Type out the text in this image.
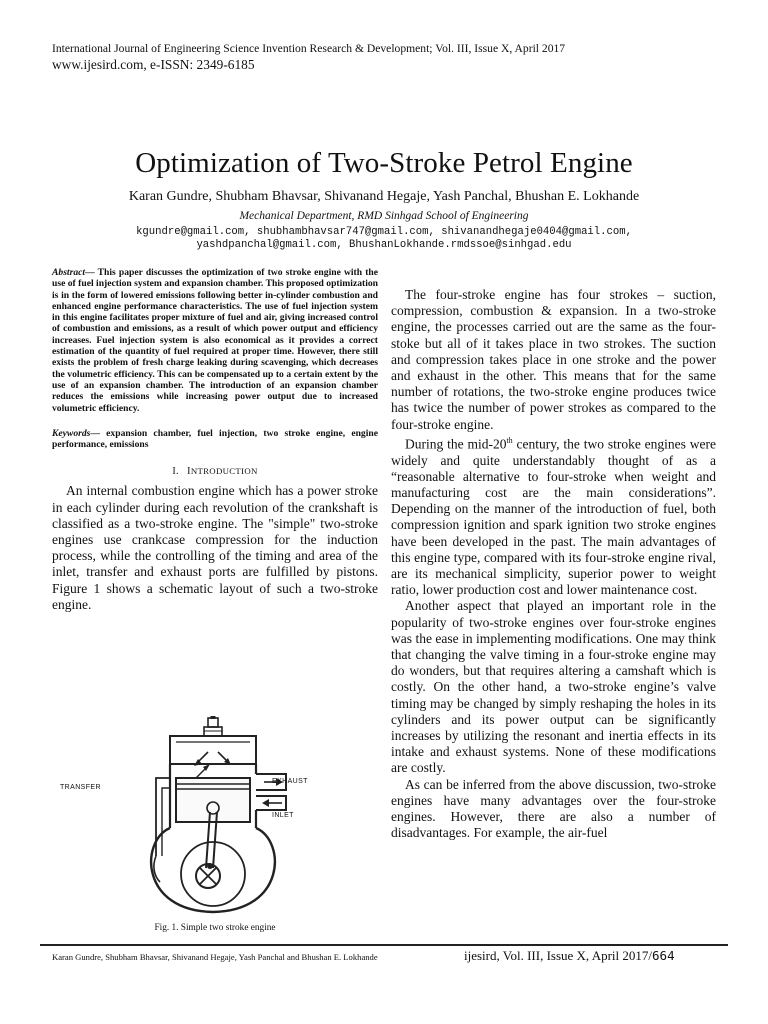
International Journal of Engineering Science Invention Research & Development; Vol. III, Issue X, April 2017
www.ijesird.com, e-ISSN: 2349-6185
Optimization of Two-Stroke Petrol Engine
Karan Gundre, Shubham Bhavsar, Shivanand Hegaje, Yash Panchal, Bhushan E. Lokhande
Mechanical Department, RMD Sinhgad School of Engineering
kgundre@gmail.com, shubhambhavsar747@gmail.com, shivanandhegaje0404@gmail.com,
yashdpanchal@gmail.com, BhushanLokhande.rmdssoe@sinhgad.edu

Abstract— This paper discusses the optimization of two stroke engine with the use of fuel injection system and expansion chamber. This proposed optimization is in the form of lowered emissions following better in-cylinder combustion and enhanced engine performance characteristics. The use of fuel injection system in this engine facilitates proper mixture of fuel and air, giving increased control of combustion and emissions, as a result of which power output and efficiency increases. Fuel injection system is also economical as it provides a correct estimation of the quantity of fuel required at proper time. However, there still exists the problem of fresh charge leaking during scavenging, which decreases the volumetric efficiency. This can be compensated up to a certain extent by the use of an expansion chamber. The introduction of an expansion chamber reduces the emissions while increasing power output due to increased volumetric efficiency.

Keywords— expansion chamber, fuel injection, two stroke engine, engine performance, emissions

I. INTRODUCTION

An internal combustion engine which has a power stroke in each cylinder during each revolution of the crankshaft is classified as a two-stroke engine. The "simple" two-stroke engines use crankcase compression for the induction process, while the controlling of the timing and area of the inlet, transfer and exhaust ports are fulfilled by pistons. Figure 1 shows a schematic layout of such a two-stroke engine.

TRANSFER
EXHAUST
INLET
Fig. 1. Simple two stroke engine

The four-stroke engine has four strokes – suction, compression, combustion & expansion. In a two-stroke engine, the processes carried out are the same as the four-stoke but all of it takes place in two strokes. The suction and compression takes place in one stroke and the power and exhaust in the other. This means that for the same number of rotations, the two-stroke engine produces twice has twice the number of power strokes as compared to the four-stroke engine.

During the mid-20th century, the two stroke engines were widely and quite understandably thought of as a “reasonable alternative to four-stroke when weight and manufacturing cost are the main considerations”. Depending on the manner of the introduction of fuel, both compression ignition and spark ignition two stroke engines have been developed in the past. The main advantages of this engine type, compared with its four-stroke engine rival, are its mechanical simplicity, superior power to weight ratio, lower production cost and lower maintenance cost.

Another aspect that played an important role in the popularity of two-stroke engines over four-stroke engines was the ease in implementing modifications. One may think that changing the valve timing in a four-stroke engine may do wonders, but that requires altering a camshaft which is costly. On the other hand, a two-stroke engine’s valve timing may be changed by simply reshaping the holes in its cylinders and its power output can be significantly increases by utilizing the resonant and inertia effects in its intake and exhaust systems. None of these modifications are costly.

As can be inferred from the above discussion, two-stroke engines have many advantages over the four-stroke engines. However, there are also a number of disadvantages. For example, the air-fuel

Karan Gundre, Shubham Bhavsar, Shivanand Hegaje, Yash Panchal and Bhushan E. Lokhande	ijesird, Vol. III, Issue X, April 2017/664
